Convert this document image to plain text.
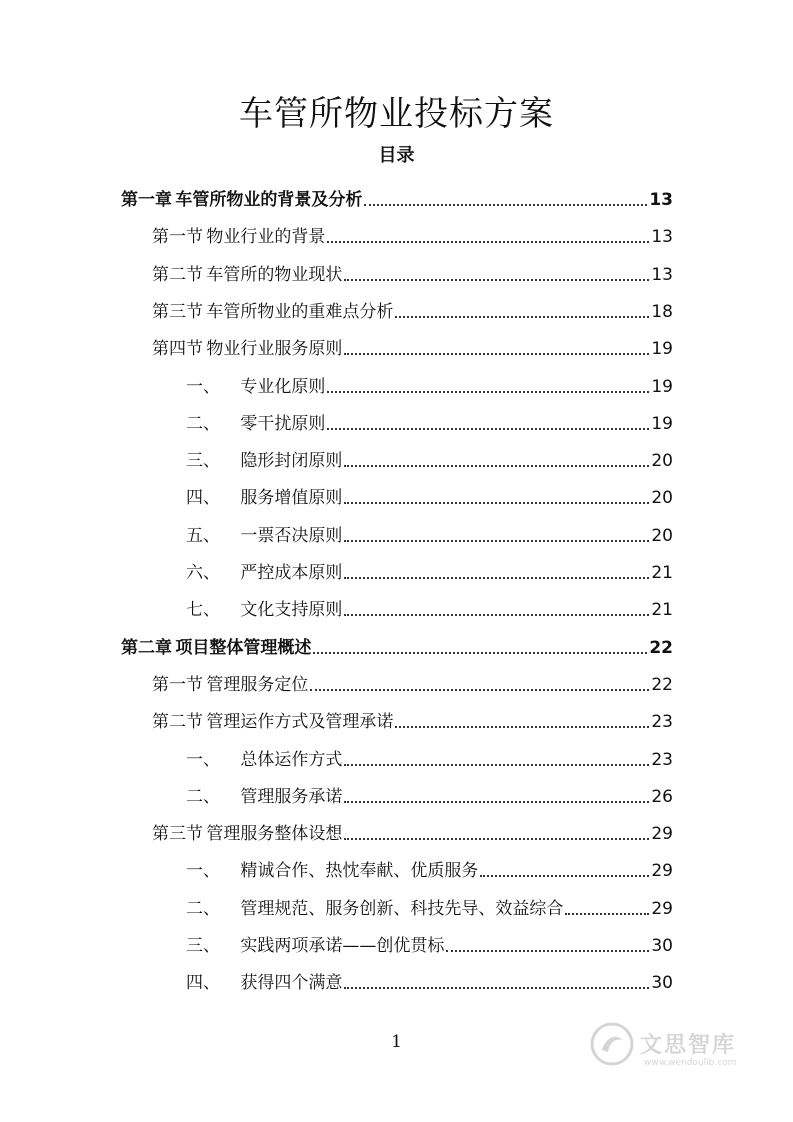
车管所物业投标方案
目录
第一章 车管所物业的背景及分析	13
第一节 物业行业的背景	13
第二节 车管所的物业现状	13
第三节 车管所物业的重难点分析	18
第四节 物业行业服务原则	19
一、	专业化原则	19
二、	零干扰原则	19
三、	隐形封闭原则	20
四、	服务增值原则	20
五、	一票否决原则	20
六、	严控成本原则	21
七、	文化支持原则	21
第二章 项目整体管理概述	22
第一节 管理服务定位	22
第二节 管理运作方式及管理承诺	23
一、	总体运作方式	23
二、	管理服务承诺	26
第三节 管理服务整体设想	29
一、	精诚合作、热忱奉献、优质服务	29
二、	管理规范、服务创新、科技先导、效益综合	29
三、	实践两项承诺——创优贯标	30
四、	获得四个满意	30
1	文思智库
www.wendoulib.com
